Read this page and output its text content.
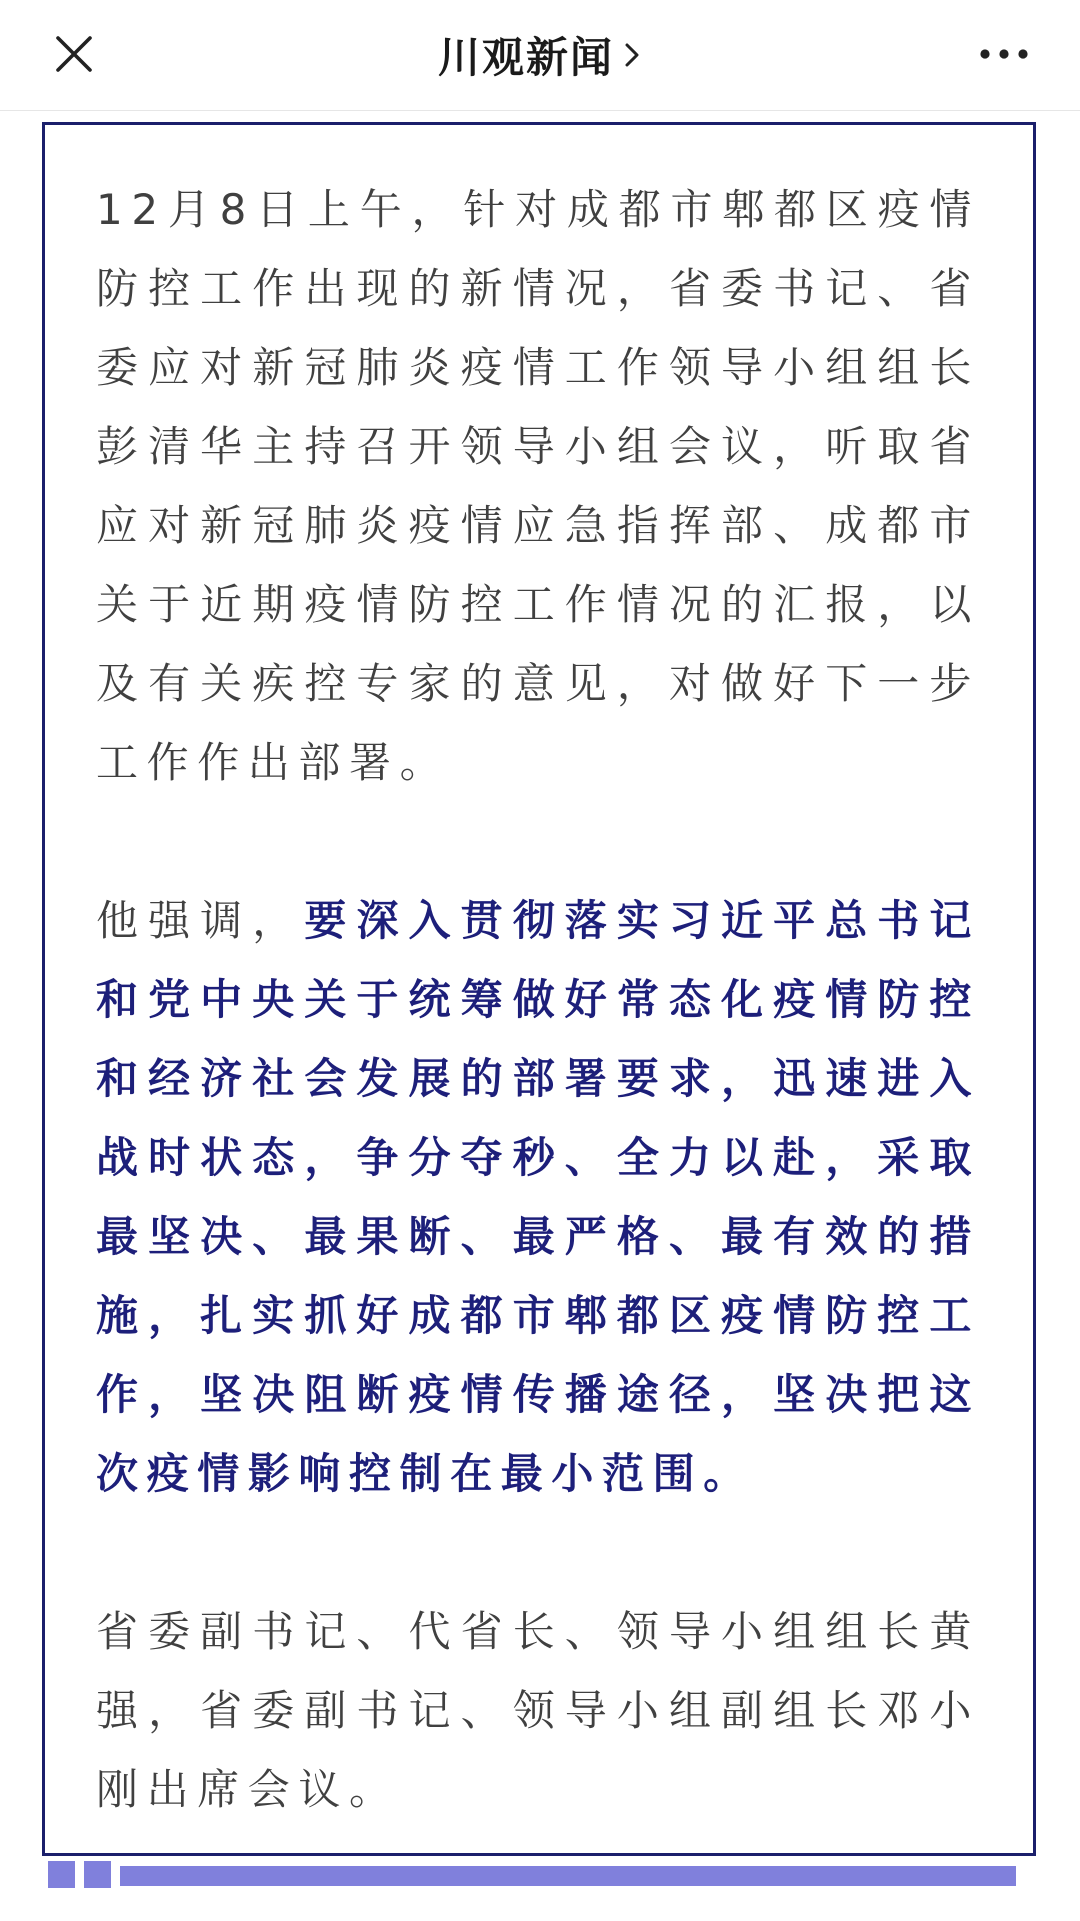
川观新闻

12月8日上午，针对成都市郫都区疫情防控工作出现的新情况，省委书记、省委应对新冠肺炎疫情工作领导小组组长彭清华主持召开领导小组会议，听取省应对新冠肺炎疫情应急指挥部、成都市关于近期疫情防控工作情况的汇报，以及有关疾控专家的意见，对做好下一步工作作出部署。

他强调，要深入贯彻落实习近平总书记和党中央关于统筹做好常态化疫情防控和经济社会发展的部署要求，迅速进入战时状态，争分夺秒、全力以赴，采取最坚决、最果断、最严格、最有效的措施，扎实抓好成都市郫都区疫情防控工作，坚决阻断疫情传播途径，坚决把这次疫情影响控制在最小范围。

省委副书记、代省长、领导小组组长黄强，省委副书记、领导小组副组长邓小刚出席会议。
